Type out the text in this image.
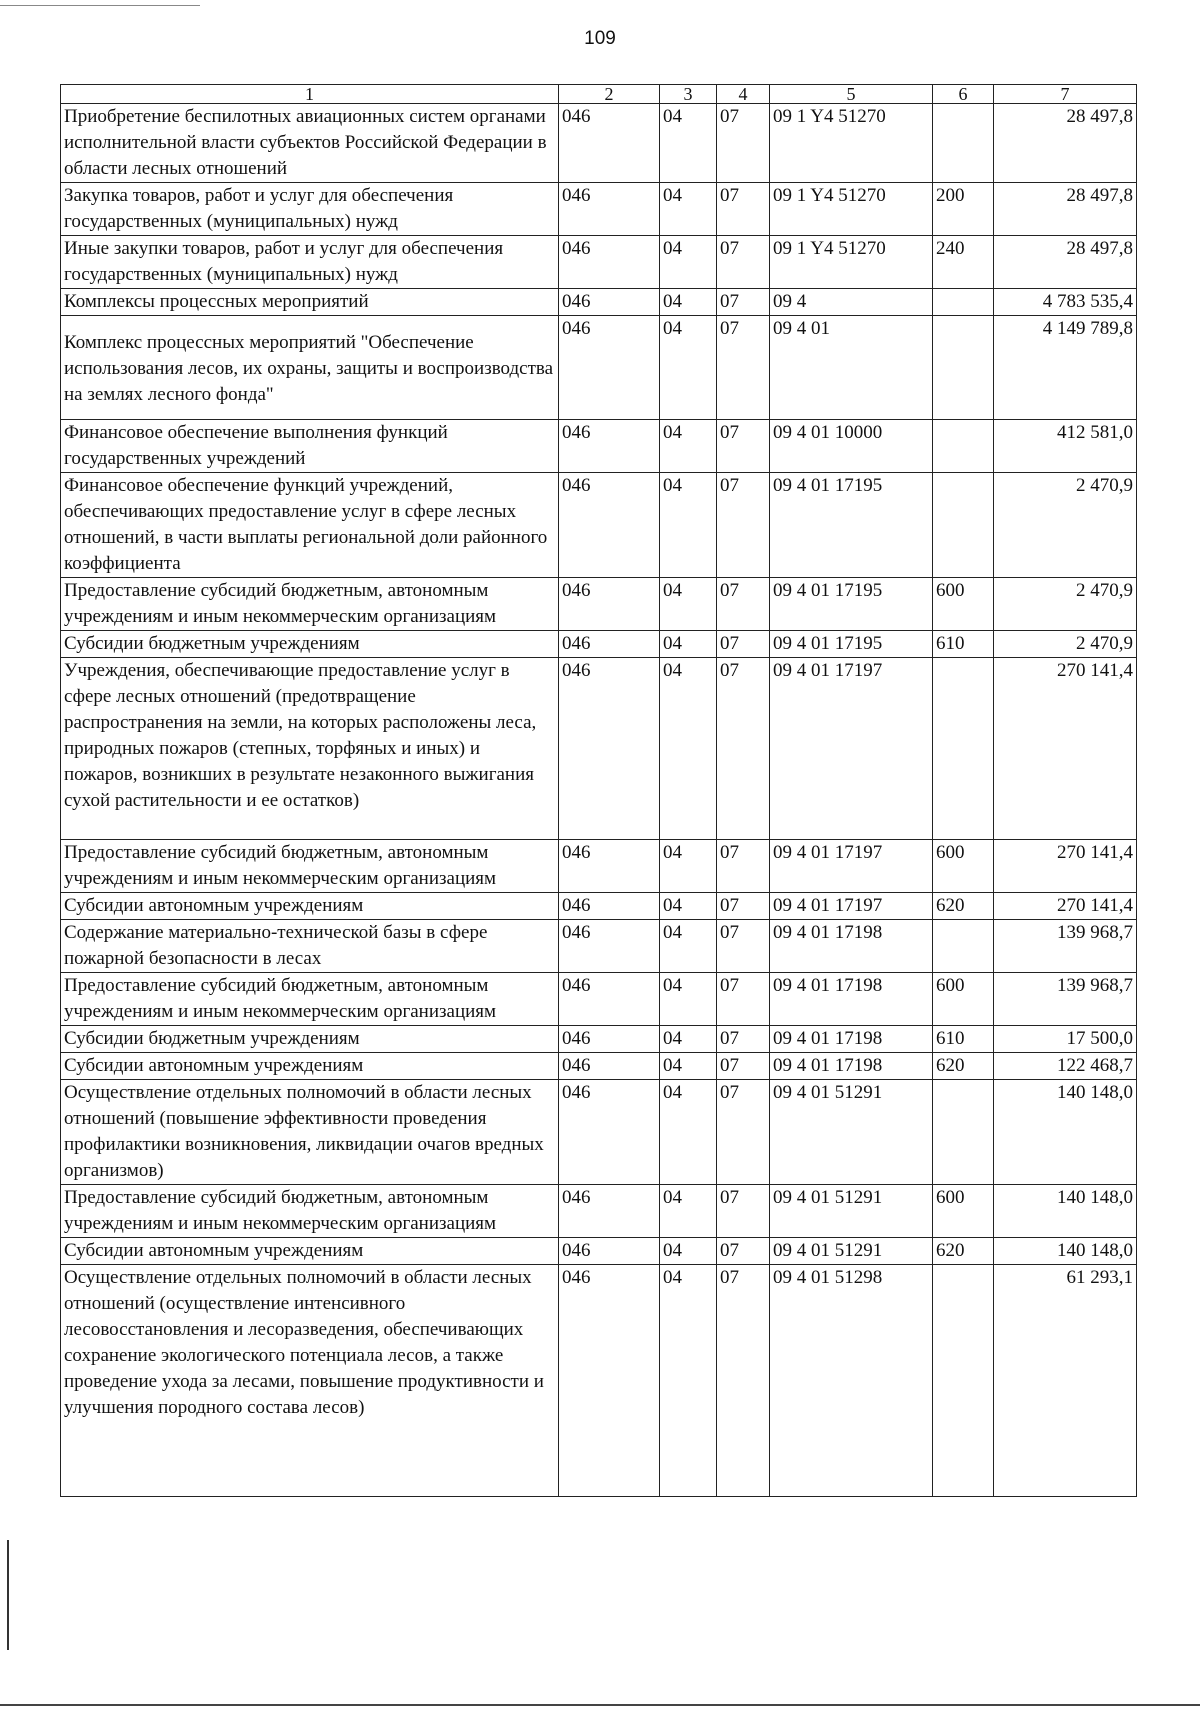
109
1	2	3	4	5	6	7
Приобретение беспилотных авиационных систем органами исполнительной власти субъектов Российской Федерации в области лесных отношений	046	04	07	09 1 Y4 51270		28 497,8
Закупка товаров, работ и услуг для обеспечения государственных (муниципальных) нужд	046	04	07	09 1 Y4 51270	200	28 497,8
Иные закупки товаров, работ и услуг для обеспечения государственных (муниципальных) нужд	046	04	07	09 1 Y4 51270	240	28 497,8
Комплексы процессных мероприятий	046	04	07	09 4		4 783 535,4
Комплекс процессных мероприятий "Обеспечение использования лесов, их охраны, защиты и воспроизводства на землях лесного фонда"	046	04	07	09 4 01		4 149 789,8
Финансовое обеспечение выполнения функций государственных учреждений	046	04	07	09 4 01 10000		412 581,0
Финансовое обеспечение функций учреждений, обеспечивающих предоставление услуг в сфере лесных отношений, в части выплаты региональной доли районного коэффициента	046	04	07	09 4 01 17195		2 470,9
Предоставление субсидий бюджетным, автономным учреждениям и иным некоммерческим организациям	046	04	07	09 4 01 17195	600	2 470,9
Субсидии бюджетным учреждениям	046	04	07	09 4 01 17195	610	2 470,9
Учреждения, обеспечивающие предоставление услуг в сфере лесных отношений (предотвращение распространения на земли, на которых расположены леса, природных пожаров (степных, торфяных и иных) и пожаров, возникших в результате незаконного выжигания сухой растительности и ее остатков)	046	04	07	09 4 01 17197		270 141,4
Предоставление субсидий бюджетным, автономным учреждениям и иным некоммерческим организациям	046	04	07	09 4 01 17197	600	270 141,4
Субсидии автономным учреждениям	046	04	07	09 4 01 17197	620	270 141,4
Содержание материально-технической базы в сфере пожарной безопасности в лесах	046	04	07	09 4 01 17198		139 968,7
Предоставление субсидий бюджетным, автономным учреждениям и иным некоммерческим организациям	046	04	07	09 4 01 17198	600	139 968,7
Субсидии бюджетным учреждениям	046	04	07	09 4 01 17198	610	17 500,0
Субсидии автономным учреждениям	046	04	07	09 4 01 17198	620	122 468,7
Осуществление отдельных полномочий в области лесных отношений (повышение эффективности проведения профилактики возникновения, ликвидации очагов вредных организмов)	046	04	07	09 4 01 51291		140 148,0
Предоставление субсидий бюджетным, автономным учреждениям и иным некоммерческим организациям	046	04	07	09 4 01 51291	600	140 148,0
Субсидии автономным учреждениям	046	04	07	09 4 01 51291	620	140 148,0
Осуществление отдельных полномочий в области лесных отношений (осуществление интенсивного лесовосстановления и лесоразведения, обеспечивающих сохранение экологического потенциала лесов, а также проведение ухода за лесами, повышение продуктивности и улучшения породного состава лесов)	046	04	07	09 4 01 51298		61 293,1
